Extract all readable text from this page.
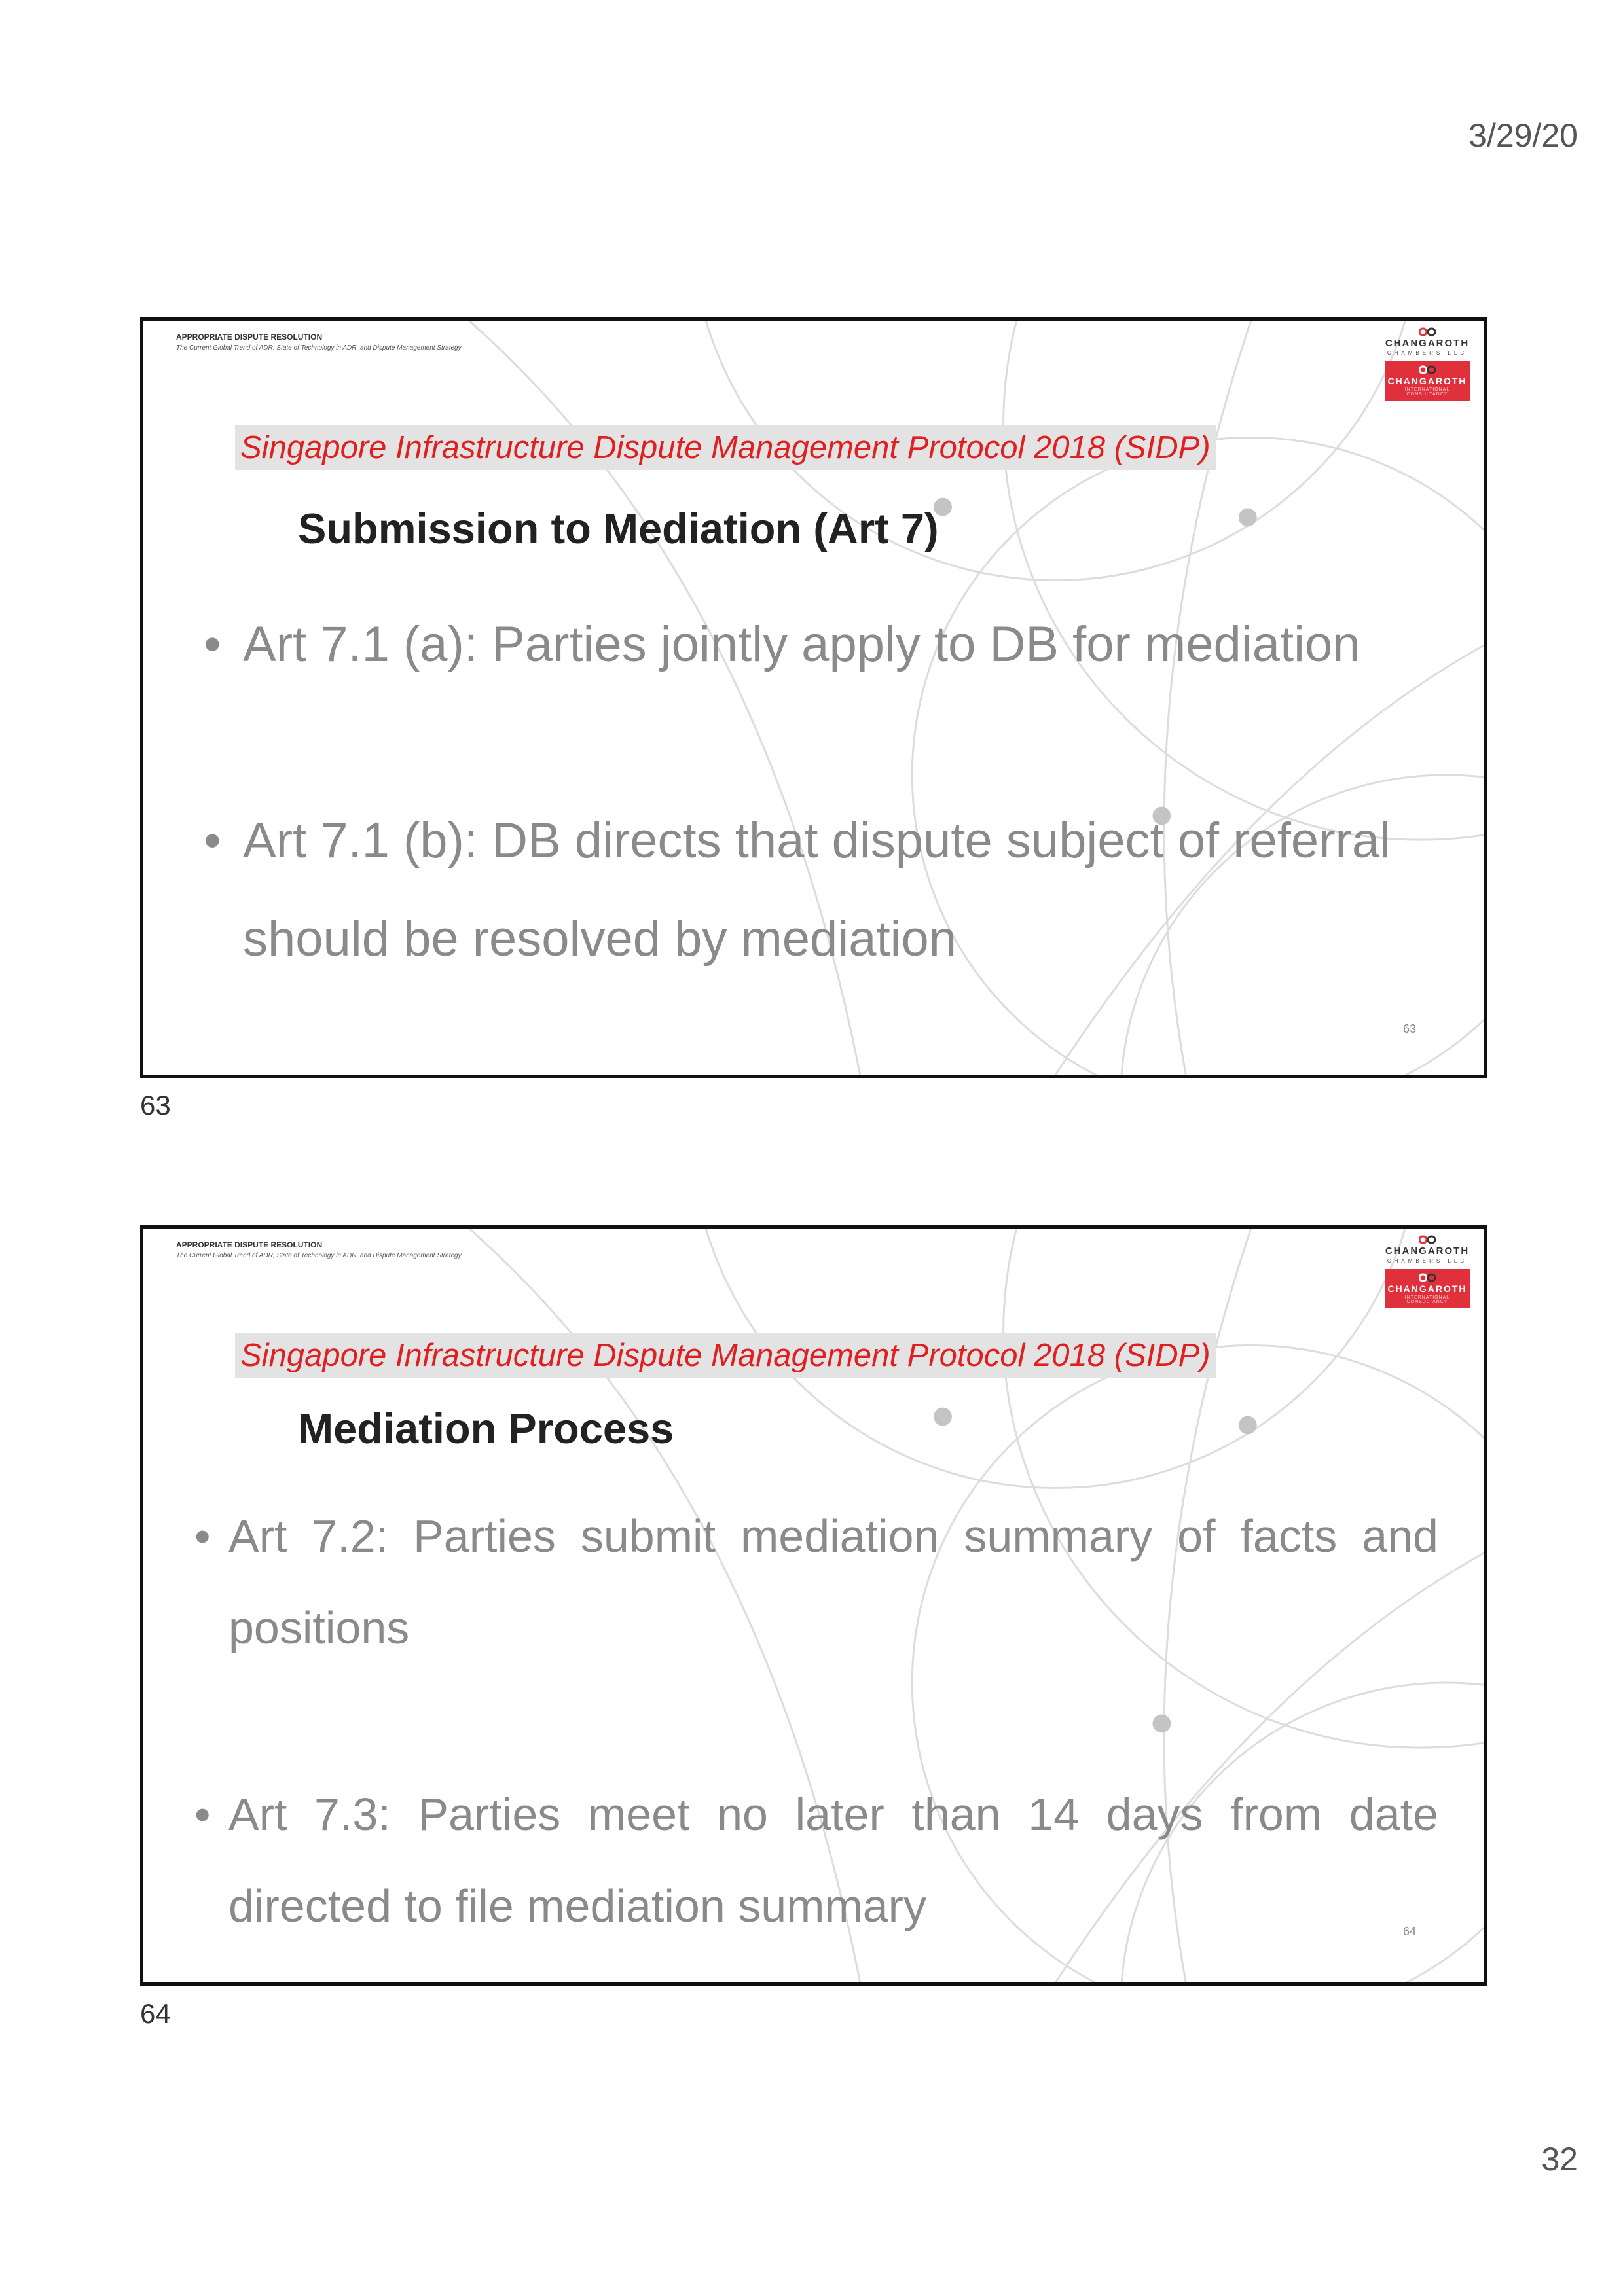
3/29/20
APPROPRIATE DISPUTE RESOLUTION
The Current Global Trend of ADR, State of Technology in ADR, and Dispute Management Strategy	CHANGAROTH
CHAMBERS LLC
CHANGAROTH
INTERNATIONAL CONSULTANCY
Singapore Infrastructure Dispute Management Protocol 2018 (SIDP)
Submission to Mediation (Art 7)
• Art 7.1 (a): Parties jointly apply to DB for mediation
• Art 7.1 (b): DB directs that dispute subject of referral should be resolved by mediation
63
63
APPROPRIATE DISPUTE RESOLUTION
The Current Global Trend of ADR, State of Technology in ADR, and Dispute Management Strategy	CHANGAROTH
CHAMBERS LLC
CHANGAROTH
INTERNATIONAL CONSULTANCY
Singapore Infrastructure Dispute Management Protocol 2018 (SIDP)
Mediation Process
• Art 7.2: Parties submit mediation summary of facts and positions
• Art 7.3: Parties meet no later than 14 days from date directed to file mediation summary	64
64
32
